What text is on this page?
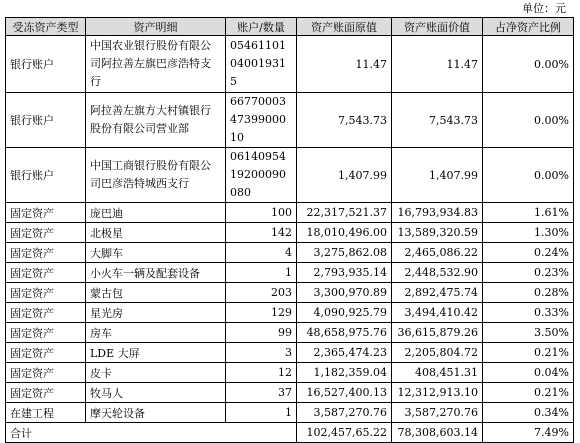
单位：元
受冻资产类型	资产明细	账户/数量	资产账面原值	资产账面价值	占净资产比例
银行账户	中国农业银行股份有限公司阿拉善左旗巴彦浩特支行	05461101040019315	11.47	11.47	0.00%
银行账户	阿拉善左旗方大村镇银行股份有限公司营业部	667700034739900010	7,543.73	7,543.73	0.00%
银行账户	中国工商银行股份有限公司巴彦浩特城西支行	0614095419200090080	1,407.99	1,407.99	0.00%
固定资产	庞巴迪	100	22,317,521.37	16,793,934.83	1.61%
固定资产	北极星	142	18,010,496.00	13,589,320.59	1.30%
固定资产	大脚车	4	3,275,862.08	2,465,086.22	0.24%
固定资产	小火车一辆及配套设备	1	2,793,935.14	2,448,532.90	0.23%
固定资产	蒙古包	203	3,300,970.89	2,892,475.74	0.28%
固定资产	星光房	129	4,090,925.79	3,494,410.42	0.33%
固定资产	房车	99	48,658,975.76	36,615,879.26	3.50%
固定资产	LDE 大屏	3	2,365,474.23	2,205,804.72	0.21%
固定资产	皮卡	12	1,182,359.04	408,451.31	0.04%
固定资产	牧马人	37	16,527,400.13	12,312,913.10	0.21%
在建工程	摩天轮设备	1	3,587,270.76	3,587,270.76	0.34%
合计			102,457,65.22	78,308,603.14	7.49%
